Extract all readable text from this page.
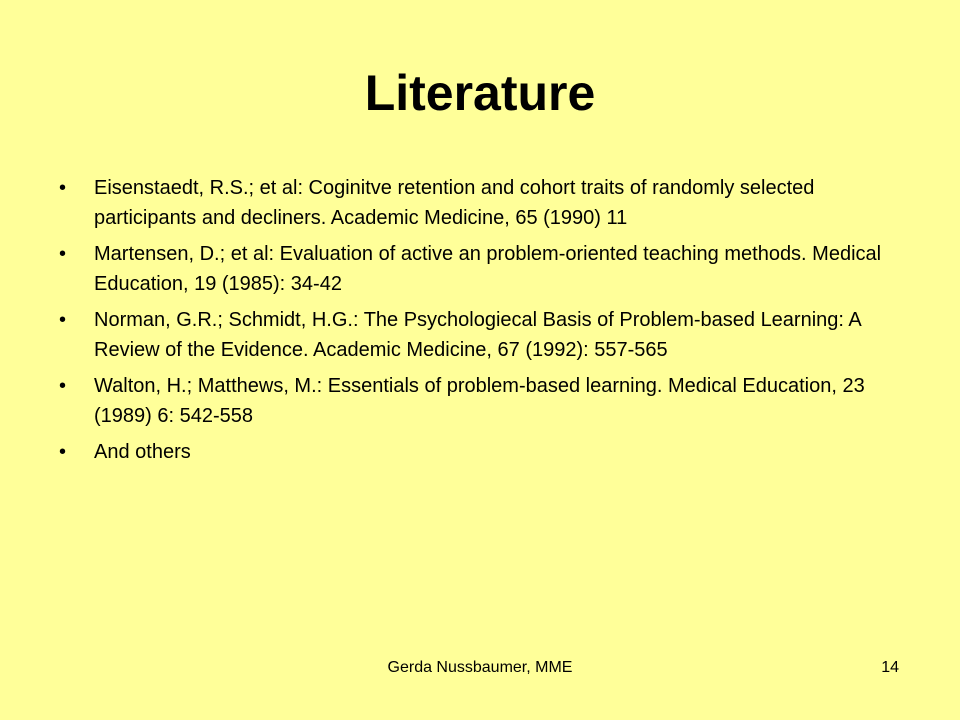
Literature
•	Eisenstaedt, R.S.; et al: Coginitve retention and cohort traits of randomly selected participants and decliners. Academic Medicine, 65 (1990) 11
•	Martensen, D.; et al: Evaluation of active an problem-oriented teaching methods. Medical Education, 19 (1985): 34-42
•	Norman, G.R.; Schmidt, H.G.: The Psychologiecal Basis of Problem-based Learning: A Review of the Evidence. Academic Medicine, 67 (1992): 557-565
•	Walton, H.; Matthews, M.: Essentials of problem-based learning. Medical Education, 23 (1989) 6: 542-558
•	And others
Gerda Nussbaumer, MME	14
